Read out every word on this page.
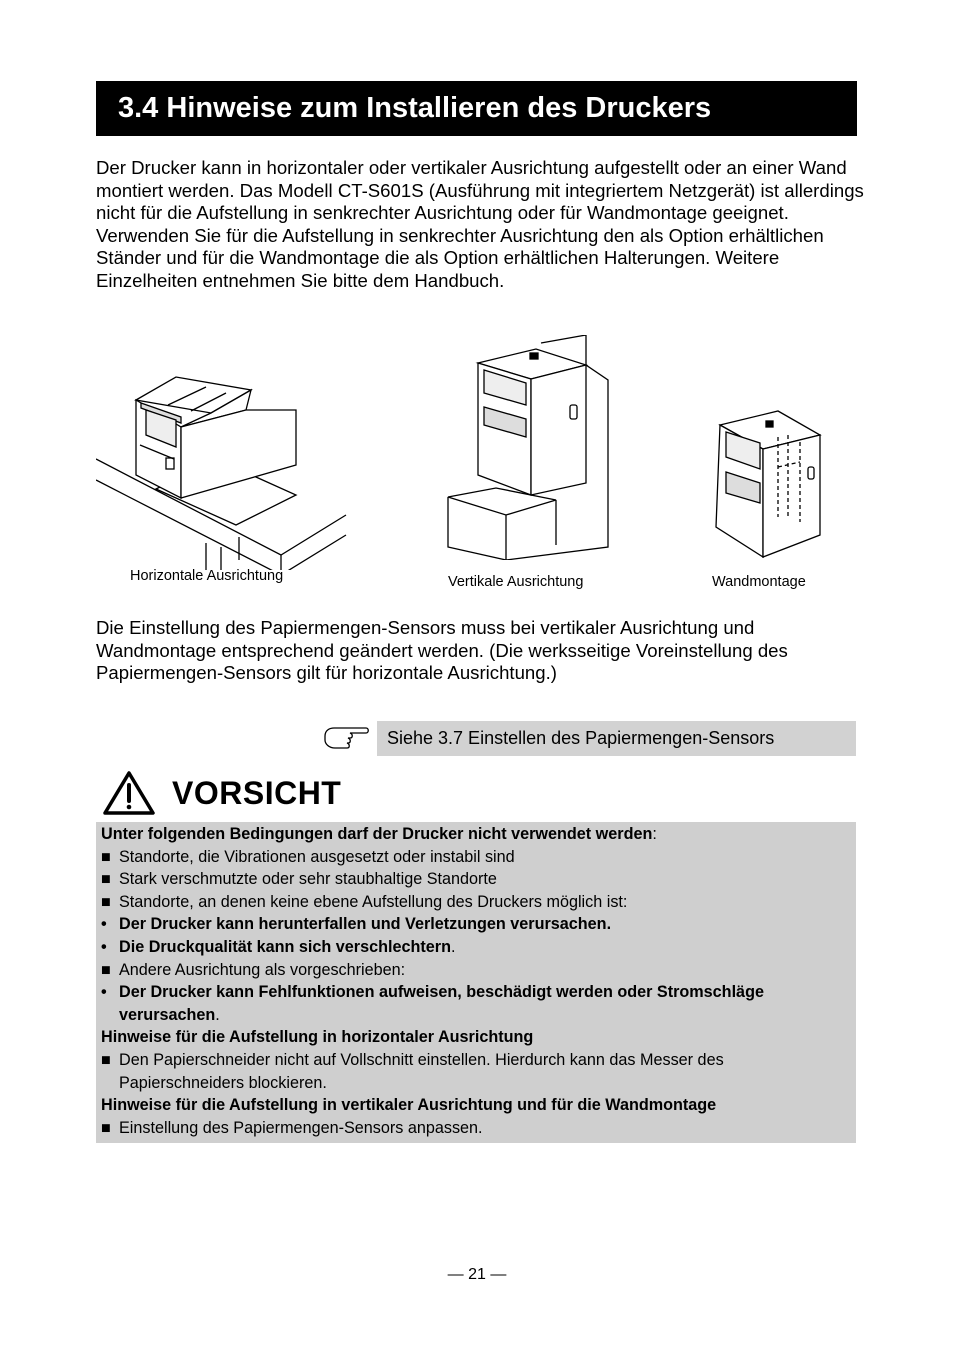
3.4 Hinweise zum Installieren des Druckers

Der Drucker kann in horizontaler oder vertikaler Ausrichtung aufgestellt oder an einer Wand montiert werden. Das Modell CT-S601S (Ausführung mit integriertem Netzgerät) ist allerdings nicht für die Aufstellung in senkrechter Ausrichtung oder für Wandmontage geeignet.

Verwenden Sie für die Aufstellung in senkrechter Ausrichtung den als Option erhältlichen Ständer und für die Wandmontage die als Option erhältlichen Halterungen. Weitere Einzelheiten entnehmen Sie bitte dem Handbuch.

Horizontale Ausrichtung	Vertikale Ausrichtung	Wandmontage

Die Einstellung des Papiermengen-Sensors muss bei vertikaler Ausrichtung und Wandmontage entsprechend geändert werden. (Die werksseitige Voreinstellung des Papiermengen-Sensors gilt für horizontale Ausrichtung.)

Siehe 3.7 Einstellen des Papiermengen-Sensors
VORSICHT
Unter folgenden Bedingungen darf der Drucker nicht verwendet werden:
■ Standorte, die Vibrationen ausgesetzt oder instabil sind
■ Stark verschmutzte oder sehr staubhaltige Standorte
■ Standorte, an denen keine ebene Aufstellung des Druckers möglich ist:
• Der Drucker kann herunterfallen und Verletzungen verursachen.
• Die Druckqualität kann sich verschlechtern.
■ Andere Ausrichtung als vorgeschrieben:
• Der Drucker kann Fehlfunktionen aufweisen, beschädigt werden oder Stromschläge
verursachen.
Hinweise für die Aufstellung in horizontaler Ausrichtung
■ Den Papierschneider nicht auf Vollschnitt einstellen. Hierdurch kann das Messer des
Papierschneiders blockieren.
Hinweise für die Aufstellung in vertikaler Ausrichtung und für die Wandmontage
■ Einstellung des Papiermengen-Sensors anpassen.
— 21 —
